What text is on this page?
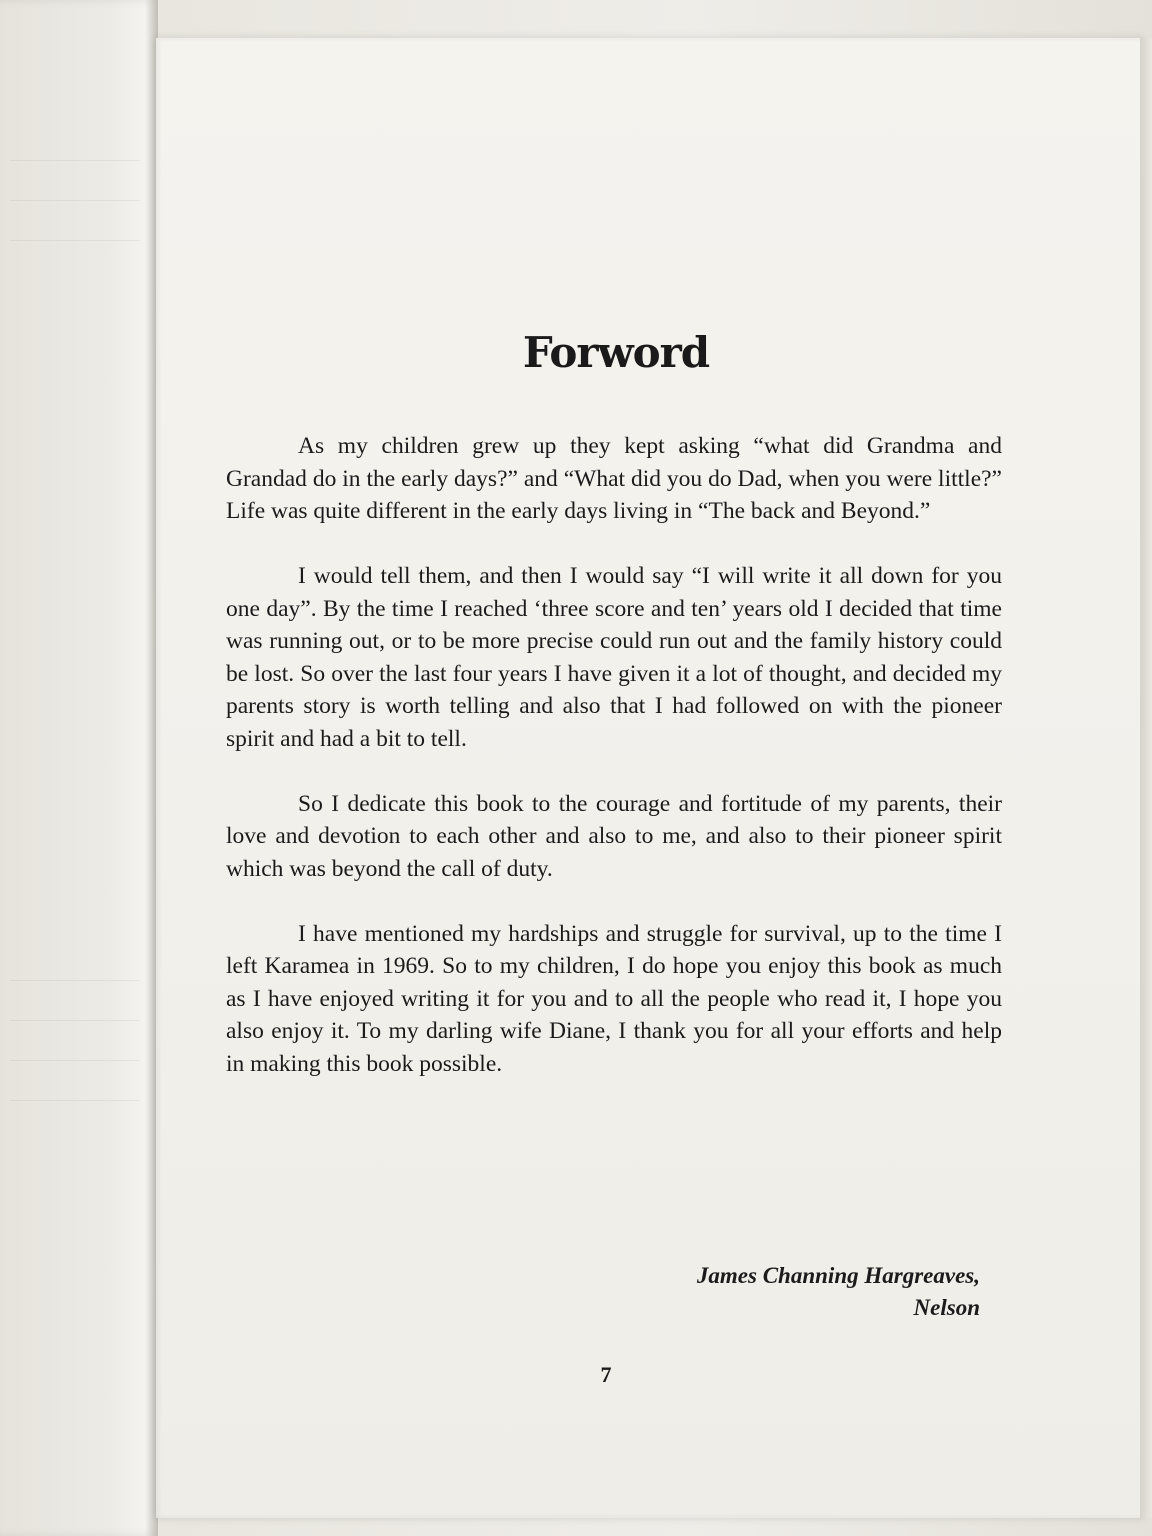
Forword

As my children grew up they kept asking “what did Grandma and Grandad do in the early days?” and “What did you do Dad, when you were little?” Life was quite different in the early days living in “The back and Beyond.”

I would tell them, and then I would say “I will write it all down for you one day”. By the time I reached ‘three score and ten’ years old I decided that time was running out, or to be more precise could run out and the family history could be lost. So over the last four years I have given it a lot of thought, and decided my parents story is worth telling and also that I had followed on with the pioneer spirit and had a bit to tell.

So I dedicate this book to the courage and fortitude of my parents, their love and devotion to each other and also to me, and also to their pioneer spirit which was beyond the call of duty.

I have mentioned my hardships and struggle for survival, up to the time I left Karamea in 1969. So to my children, I do hope you enjoy this book as much as I have enjoyed writing it for you and to all the people who read it, I hope you also enjoy it. To my darling wife Diane, I thank you for all your efforts and help in making this book possible.

James Channing Hargreaves,
Nelson
7
